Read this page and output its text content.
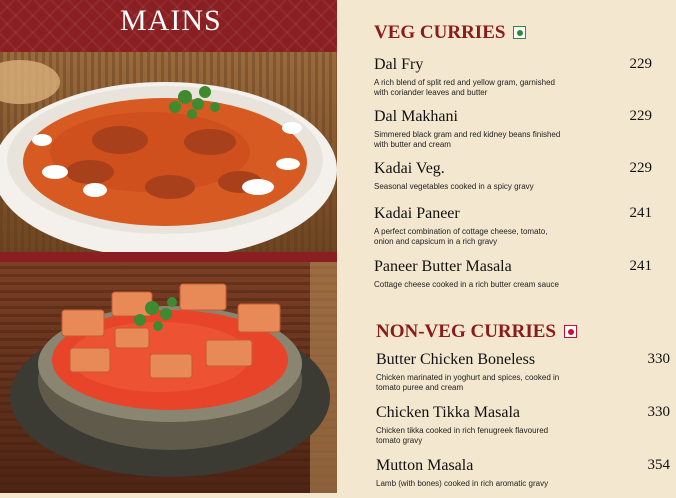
MAINS	VEG CURRIES
Dal Fry	229
A rich blend of split red and yellow gram, garnished with coriander leaves and butter
Dal Makhani	229
Simmered black gram and red kidney beans finished with butter and cream
Kadai Veg.	229
Seasonal vegetables cooked in a spicy gravy
Kadai Paneer	241
A perfect combination of cottage cheese, tomato, onion and capsicum in a rich gravy
Paneer Butter Masala	241
Cottage cheese cooked in a rich butter cream sauce
NON-VEG CURRIES
Butter Chicken Boneless	330
Chicken marinated in yoghurt and spices, cooked in tomato puree and cream
Chicken Tikka Masala	330
Chicken tikka cooked in rich fenugreek flavoured tomato gravy
Mutton Masala	354
Lamb (with bones) cooked in rich aromatic gravy
